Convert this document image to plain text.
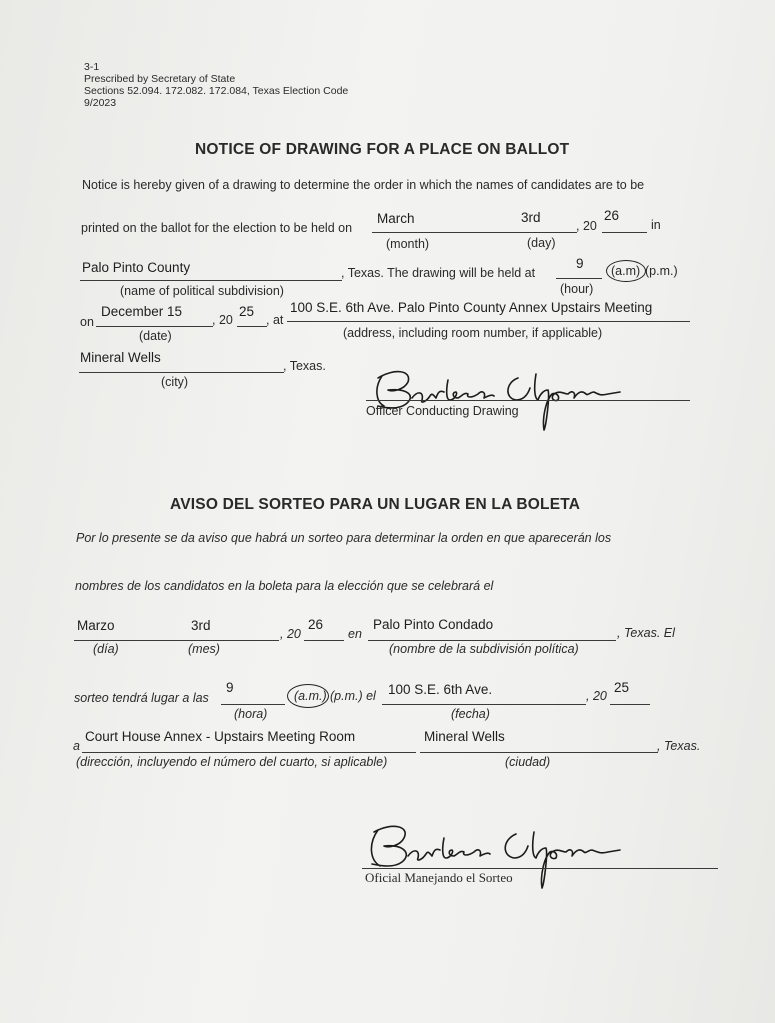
3-1
Prescribed by Secretary of State
Sections 52.094. 172.082. 172.084, Texas Election Code
9/2023
NOTICE OF DRAWING FOR A PLACE ON BALLOT
Notice is hereby given of a drawing to determine the order in which the names of candidates are to be
printed on the ballot for the election to be held on
March	3rd
, 20
26
in
(month)	(day)
Palo Pinto County	, Texas. The drawing will be held at
9 (a.m) (p.m.)
(name of political subdivision)	(hour)
on
December 15
, 20
25
, at
100 S.E. 6th Ave. Palo Pinto County Annex Upstairs Meeting
(date)	(address, including room number, if applicable)
Mineral Wells
, Texas.
(city)
Officer Conducting Drawing
AVISO DEL SORTEO PARA UN LUGAR EN LA BOLETA
Por lo presente se da aviso que habrá un sorteo para determinar la orden en que aparecerán los
nombres de los candidatos en la boleta para la elección que se celebrará el
Marzo	3rd
, 20
26
en
Palo Pinto Condado
, Texas. El
(día)	(mes)	(nombre de la subdivisión política)
sorteo tendrá lugar a las
9
(a.m.) (p.m.) el 100 S.E. 6th Ave.	, 20
25
(hora)	(fecha)
a
Court House Annex - Upstairs Meeting Room	Mineral Wells
, Texas.
(dirección, incluyendo el número del cuarto, si aplicable)	(ciudad)
Oficial Manejando el Sorteo
